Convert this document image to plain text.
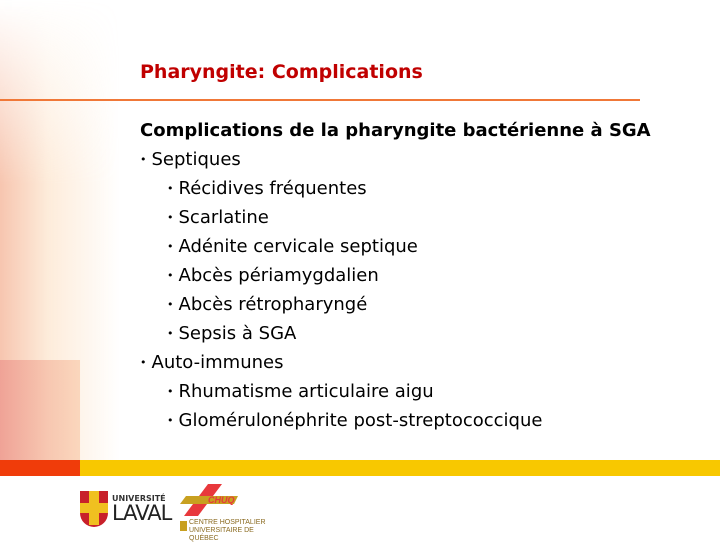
Pharyngite: Complications
Complications de la pharyngite bactérienne à SGA
• Septiques
• Récidives fréquentes
• Scarlatine
• Adénite cervicale septique
• Abcès périamygdalien
• Abcès rétropharyngé
• Sepsis à SGA
• Auto-immunes
• Rhumatisme articulaire aigu
• Glomérulonéphrite post-streptococcique
UNIVERSITÉ
LAVAL
CHUQ
CENTRE HOSPITALIER UNIVERSITAIRE DE QUÉBEC
